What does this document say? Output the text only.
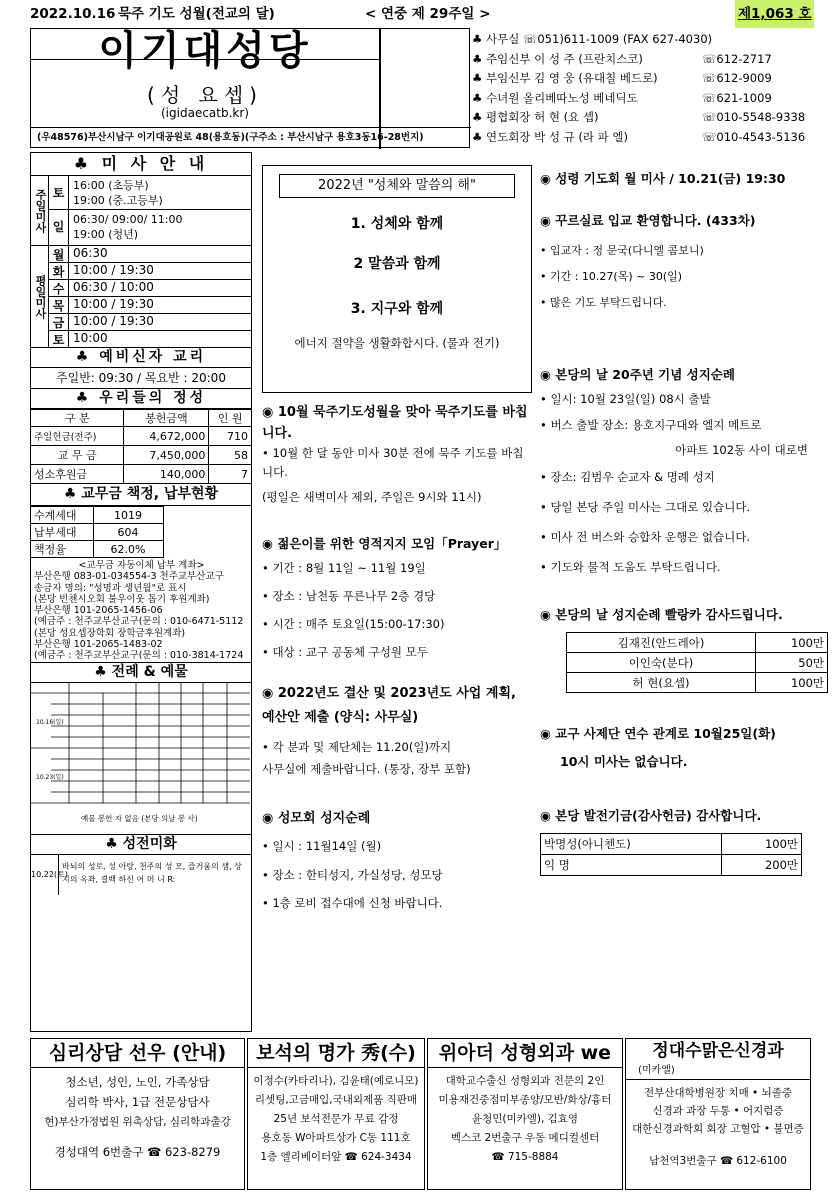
2022.10.16 묵주 기도 성월(전교의 달)	< 연중 제 29주일 >	제1,063 호
이기대성당
(성 요셉)
(igidaecatb.kr)
(우48576)부산시남구 이기대공원로 48(용호동)(구주소 : 부산시남구 용호3동16-28번지)
♣ 사무실 ☏051)611-1009 (FAX 627-4030)
♣ 주임신부 이 성 주 (프란치스코)	☏ 612-2717
♣ 부임신부 김 영 웅 (유대칠 베드로)	☏ 612-9009
♣ 수녀원 올리베따노성 베네딕도	☏ 621-1009
♣ 평협회장 허 현 (요 셉)	☏ 010-5548-9338
♣ 연도회장 박 성 규 (라 파 엘)	☏ 010-4543-5136
♣ 미 사 안 내
주일미사 토
16:00 (초등부)
19:00 (중.고등부)
일
06:30/ 09:00/ 11:00
19:00 (청년)
평일미사
월 06:30
화 10:00 / 19:30
수 06:30 / 10:00
목 10:00 / 19:30
금 10:00 / 19:30
토 10:00
♣ 예비신자 교리
주일반: 09:30 / 목요반 : 20:00
♣ 우리들의 정성
구 분	봉헌금액	인 원
주일헌금(전주)	4,672,000	710
교 무 금	7,450,000	58
성소후원금	140,000	7
♣ 교무금 책정, 납부현황
수계세대	1019
납부세대	604
책정율	62.0%
<교무금 자동이체 납부 계좌>
부산은행 083-01-034554-3 천주교부산교구
송금자 명의: "성명과 생년월"로 표시
(본당 빈첸시오회 불우이웃 돕기 후원계좌)
부산은행 101-2065-1456-06
(예금주 : 천주교부산교구(문의 : 010-6471-5112
(본당 성요셉장학회 장학금후원계좌)
부산은행 101-2065-1483-02
(예금주 : 천주교부산교구(문의 : 010-3814-1724
♣ 전례 & 예물
10.16(일)
10.23(일)
예물 봉헌 자 없음 (본당 의날 봉 사)
♣ 성전미화
10.22(토)
바뇌의 성로, 성 아랑, 천주의 성 모, 즐거움의 샘, 상지의 옥좌, 결백 하신 어 머 니 R:
2022년 "성체와 말씀의 해"
1. 성체와 함께
2 말씀과 함께
3. 지구와 함께
에너지 절약을 생활화합시다. (물과 전기)
◉ 10월 묵주기도성월을 맞아 묵주기도를 바칩니다.
• 10월 한 달 동안 미사 30분 전에 묵주 기도를 바칩니다.
(평일은 새벽미사 제외, 주일은 9시와 11시)
◉ 젊은이를 위한 영적지지 모임「Prayer」
• 기간 : 8월 11일 ~ 11월 19일
• 장소 : 남천동 푸른나무 2층 경당
• 시간 : 매주 토요일(15:00-17:30)
• 대상 : 교구 공동체 구성원 모두
◉ 2022년도 결산 및 2023년도 사업 계획, 예산안 제출 (양식: 사무실)
• 각 분과 및 제단체는 11.20(일)까지
사무실에 제출바랍니다. (통장, 장부 포함)
◉ 성모회 성지순례
• 일시 : 11월14일 (월)
• 장소 : 한티성지, 가실성당, 성모당
• 1층 로비 접수대에 신청 바랍니다.
◉ 성령 기도회 월 미사 / 10.21(금) 19:30
◉ 꾸르실료 입교 환영합니다. (433차)
• 입교자 : 정 문국(다니엘 콤보니)
• 기간 : 10.27(목) ~ 30(일)
• 많은 기도 부탁드립니다.
◉ 본당의 날 20주년 기념 성지순례
• 일시: 10월 23일(일) 08시 출발
• 버스 출발 장소: 용호지구대와 엘지 메트로
아파트 102동 사이 대로변
• 장소: 김범우 순교자 & 명례 성지
• 당일 본당 주일 미사는 그대로 있습니다.
• 미사 전 버스와 승합차 운행은 없습니다.
• 기도와 물적 도움도 부탁드립니다.
◉ 본당의 날 성지순례 빨랑카 감사드립니다.
김재진(안드레아)	100만
이인숙(분다)	50만
허 현(요셉)	100만
◉ 교구 사제단 연수 관계로 10월25일(화)
10시 미사는 없습니다.
◉ 본당 발전기금(감사헌금) 감사합니다.
박명성(아니첸도)	100만
익 명	200만
심리상담 선우 (안내)
청소년, 성인, 노인, 가족상담
심리학 박사, 1급 전문상담사
현)부산가정법원 위촉상담, 심리학과출강
경성대역 6번출구 ☎ 623-8279
보석의 명가 秀(수)
이정수(카타리나), 김윤태(예로니모)
리셋팅,고금매입,국내외제품 직판매
25년 보석전문가 무료 감정
용호동 W아파트상가 C동 111호
1층 엘리베이터앞 ☎ 624-3434
위아더 성형외과 we
대학교수출신 성형외과 전문의 2인
미용재건중점미부종양/모반/화상/흉터
윤청민(미카엘), 김효영
벡스코 2번출구 우동 메디컬센터
☎ 715-8884
정대수맑은신경과
(미카엘)
전부산대학병원장 치매 • 뇌졸중
신경과 과장 두통 • 어지럼증
대한신경과학회 회장 고혈압 • 불면증
남천역3번출구 ☎ 612-6100
